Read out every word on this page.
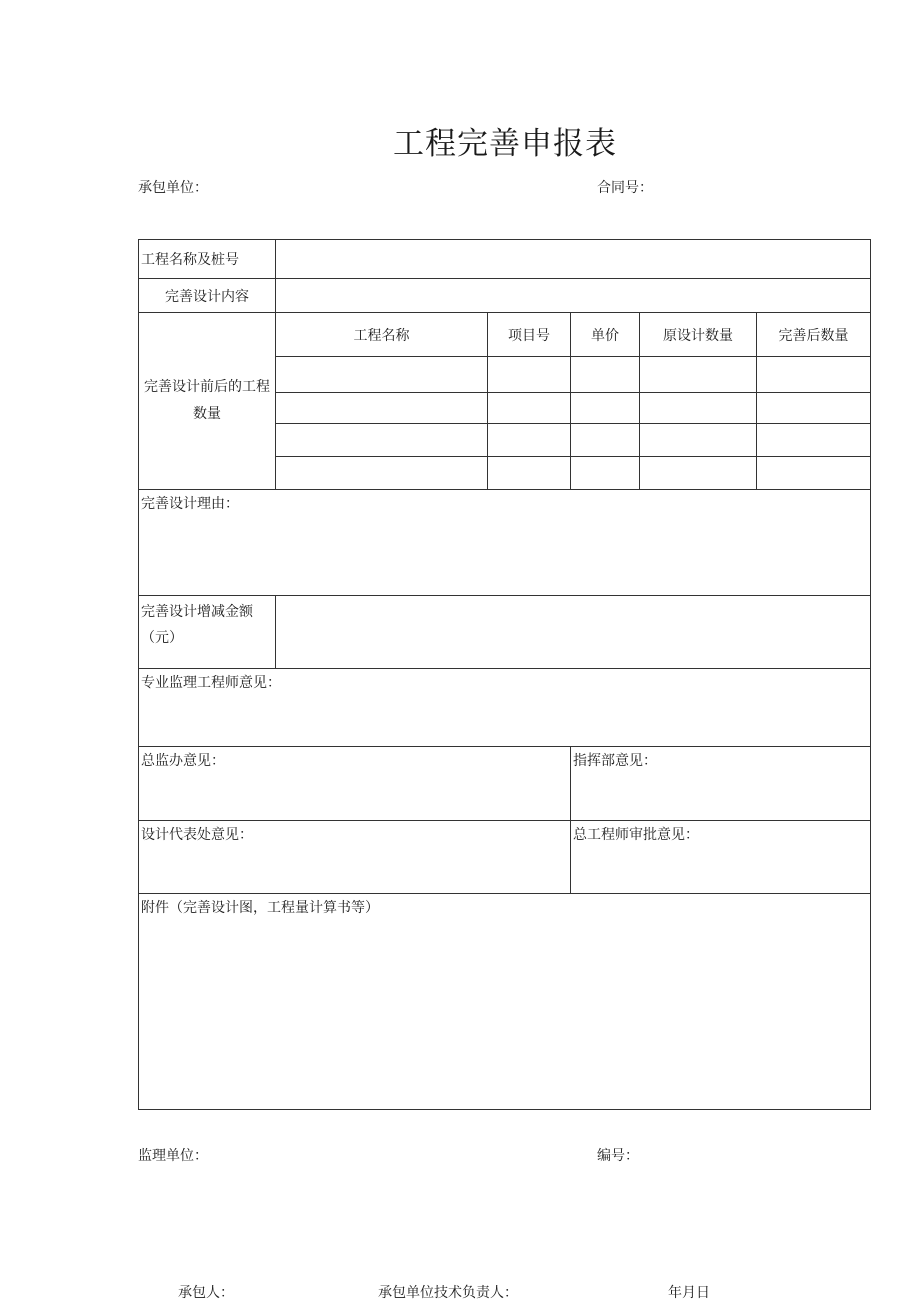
工程完善申报表
承包单位：	合同号：
工程名称及桩号					
完善设计内容					
完善设计前后的工程数量	工程名称	项目号	单价	原设计数量	完善后数量

完善设计理由：					
完善设计增减金额（元）					
专业监理工程师意见：					
总监办意见：			指挥部意见：		
设计代表处意见：			总工程师审批意见：		
附件（完善设计图，工程量计算书等）					
监理单位：	编号：
承包人：	承包单位技术负责人：	年月日
